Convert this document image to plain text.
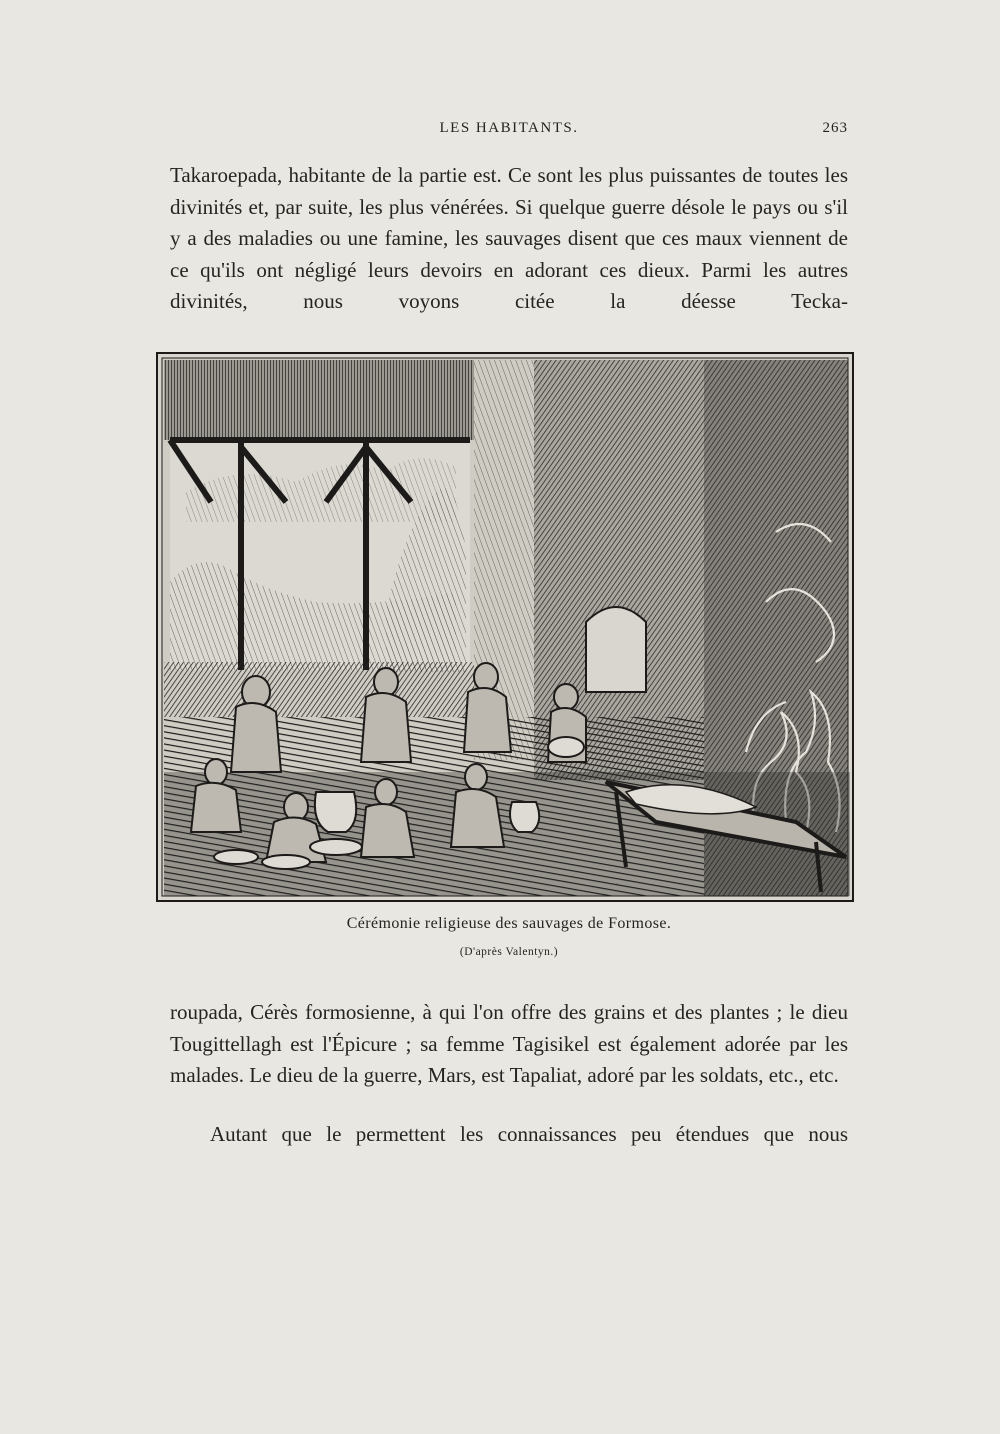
LES HABITANTS.	263

Takaroepada, habitante de la partie est. Ce sont les plus puissantes de toutes les divinités et, par suite, les plus vénérées. Si quelque guerre désole le pays ou s'il y a des maladies ou une famine, les sauvages disent que ces maux viennent de ce qu'ils ont négligé leurs devoirs en adorant ces dieux. Parmi les autres divinités, nous voyons citée la déesse Tecka-

Cérémonie religieuse des sauvages de Formose.
(D'après Valentyn.)

roupada, Cérès formosienne, à qui l'on offre des grains et des plantes ; le dieu Tougittellagh est l'Épicure ; sa femme Tagisikel est également adorée par les malades. Le dieu de la guerre, Mars, est Tapaliat, adoré par les soldats, etc., etc.

Autant que le permettent les connaissances peu étendues que nous
